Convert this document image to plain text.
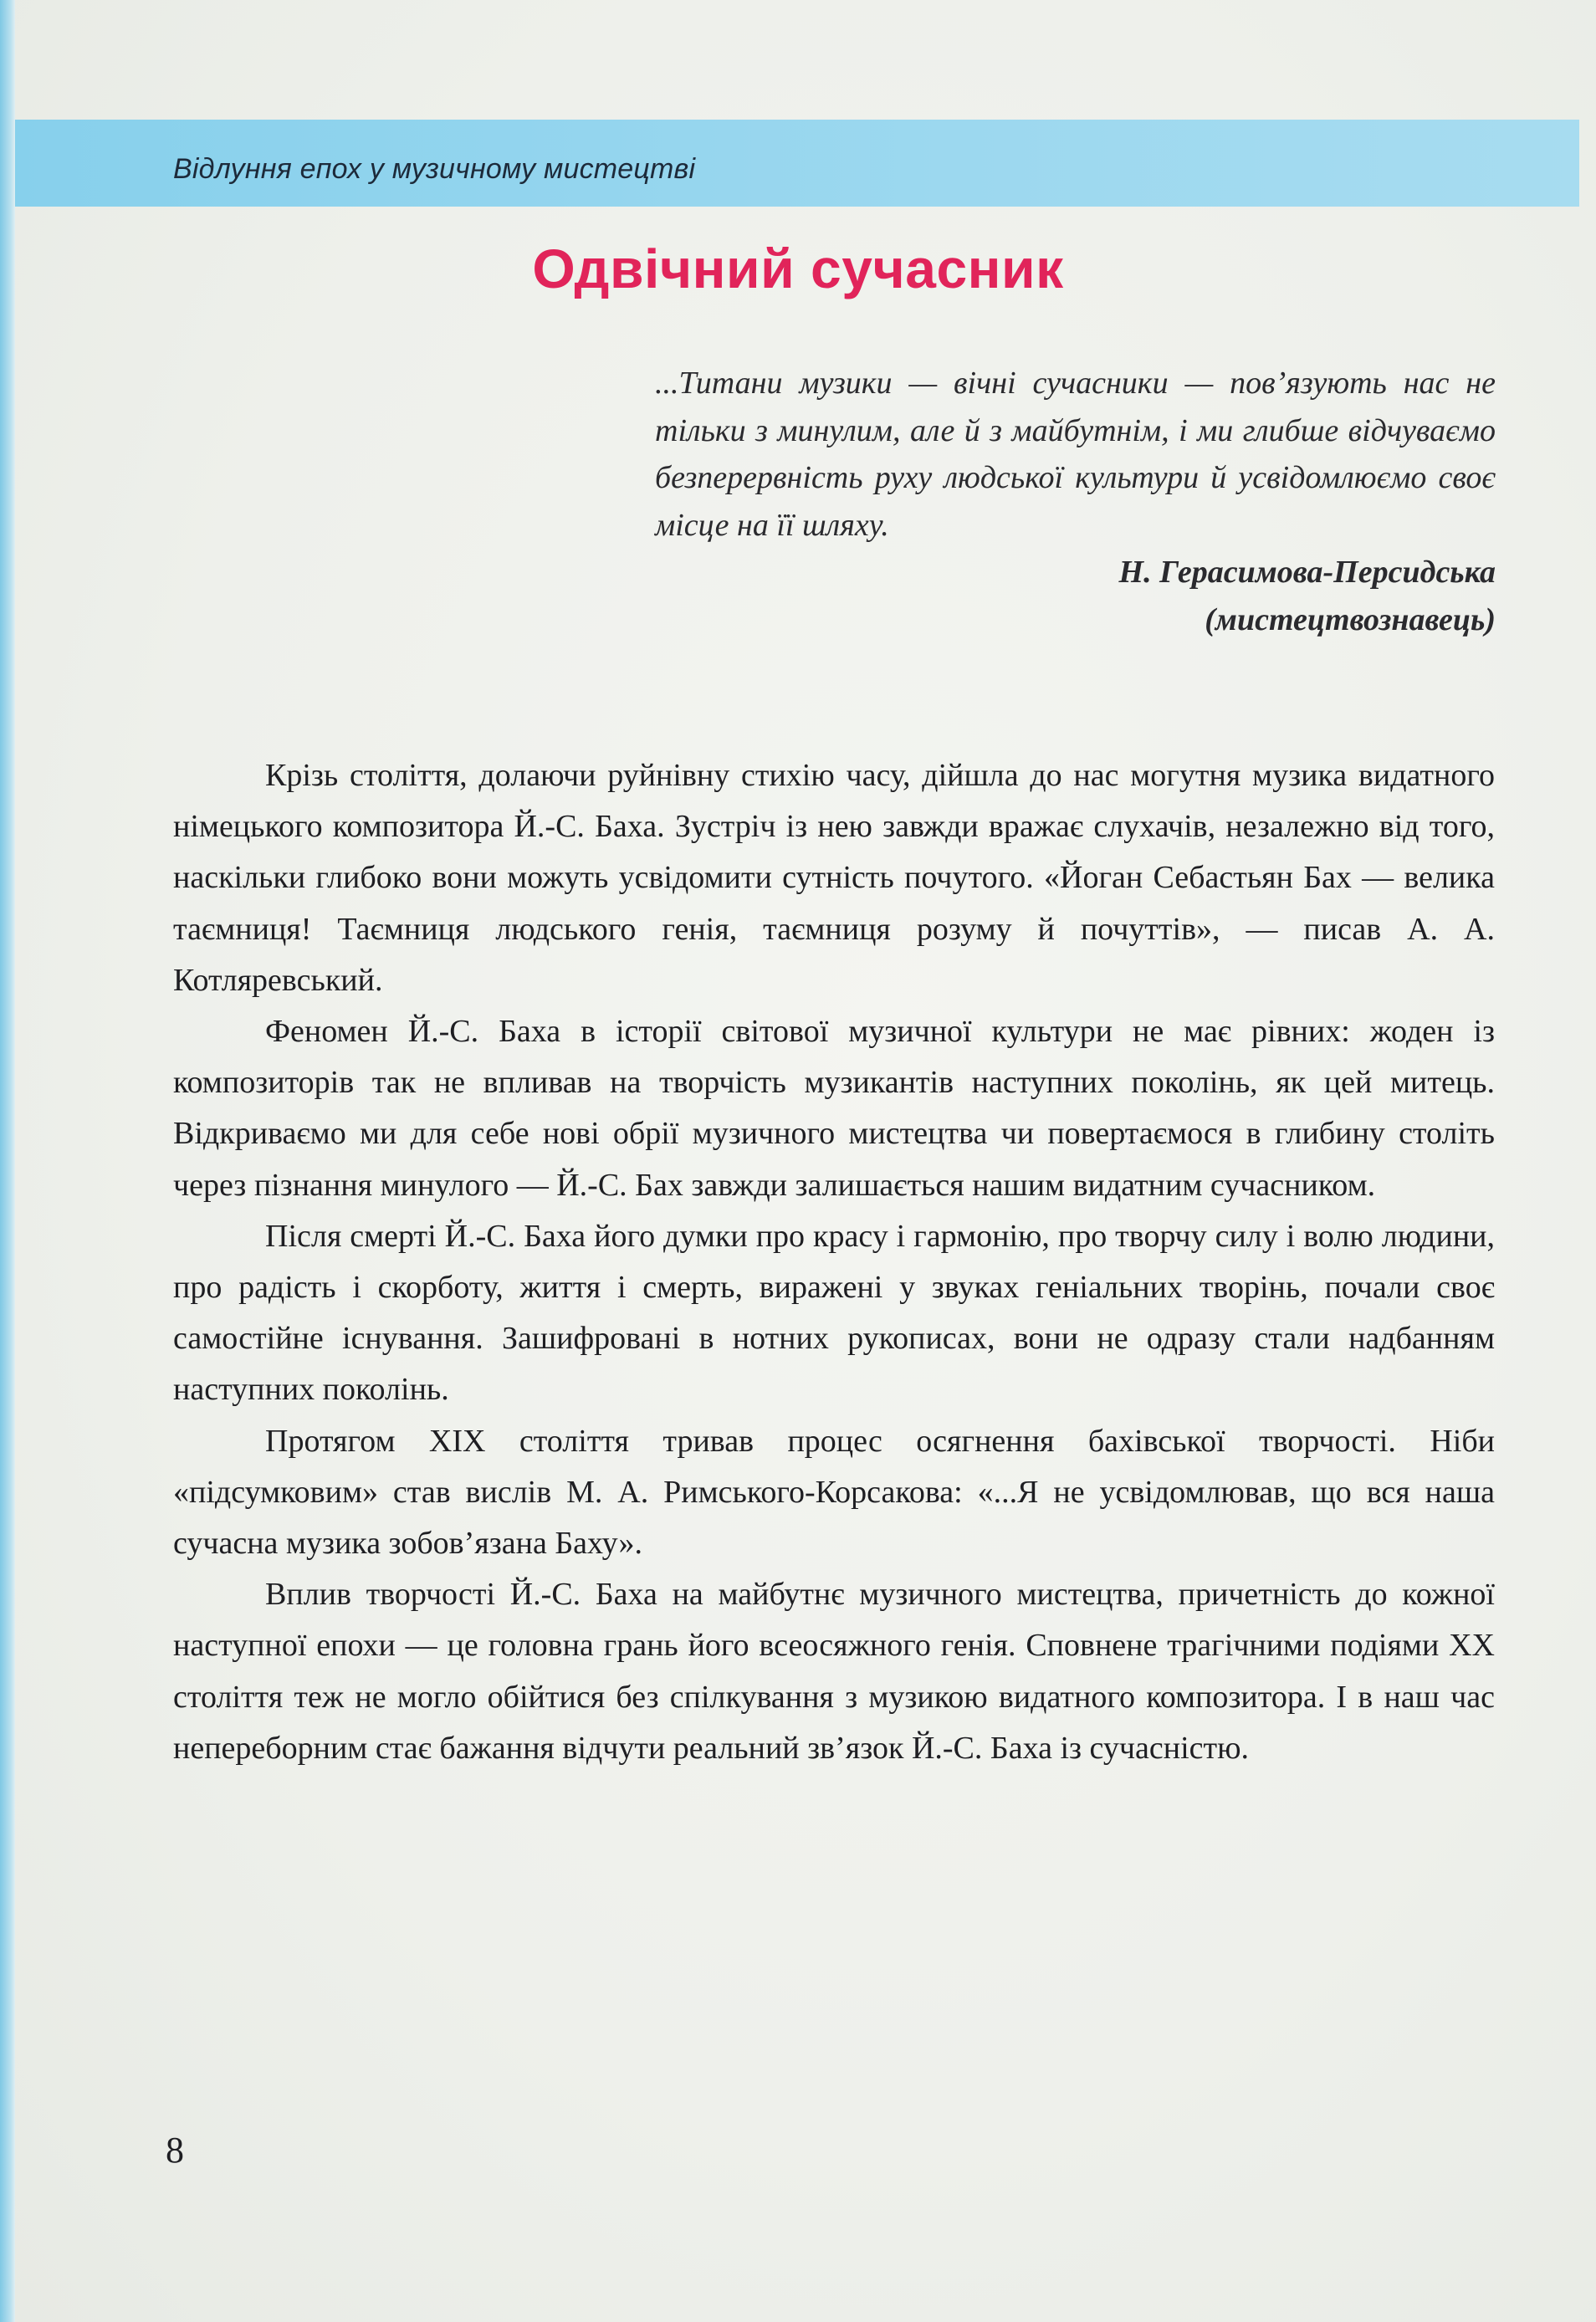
Відлуння епох у музичному мистецтві
Одвічний сучасник
...Титани музики — вічні сучасники — пов’язують нас не тільки з минулим, але й з майбутнім, і ми глибше відчуваємо безперервність руху людської культури й усвідомлюємо своє місце на її шляху.
Н. Герасимова-Персидська
(мистецтвознавець)

Крізь століття, долаючи руйнівну стихію часу, дійшла до нас могутня музика видатного німецького композитора Й.-С. Баха. Зустріч із нею завжди вражає слухачів, незалежно від того, наскільки глибоко вони можуть усвідомити сутність почутого. «Йоган Себастьян Бах — велика таємниця! Таємниця людського генія, таємниця розуму й почуттів», — писав А. А. Котляревський.

Феномен Й.-С. Баха в історії світової музичної культури не має рівних: жоден із композиторів так не впливав на творчість музикантів наступних поколінь, як цей митець. Відкриваємо ми для себе нові обрії музичного мистецтва чи повертаємося в глибину століть через пізнання минулого — Й.-С. Бах завжди залишається нашим видатним сучасником.

Після смерті Й.-С. Баха його думки про красу і гармонію, про творчу силу і волю людини, про радість і скорботу, життя і смерть, виражені у звуках геніальних творінь, почали своє самостійне існування. Зашифровані в нотних рукописах, вони не одразу стали надбанням наступних поколінь.

Протягом XIX століття тривав процес осягнення бахівської творчості. Ніби «підсумковим» став вислів М. А. Римського-Корсакова: «...Я не усвідомлював, що вся наша сучасна музика зобов’язана Баху».

Вплив творчості Й.-С. Баха на майбутнє музичного мистецтва, причетність до кожної наступної епохи — це головна грань його всеосяжного генія. Сповнене трагічними подіями XX століття теж не могло обійтися без спілкування з музикою видатного композитора. І в наш час непереборним стає бажання відчути реальний зв’язок Й.-С. Баха із сучасністю.

8
